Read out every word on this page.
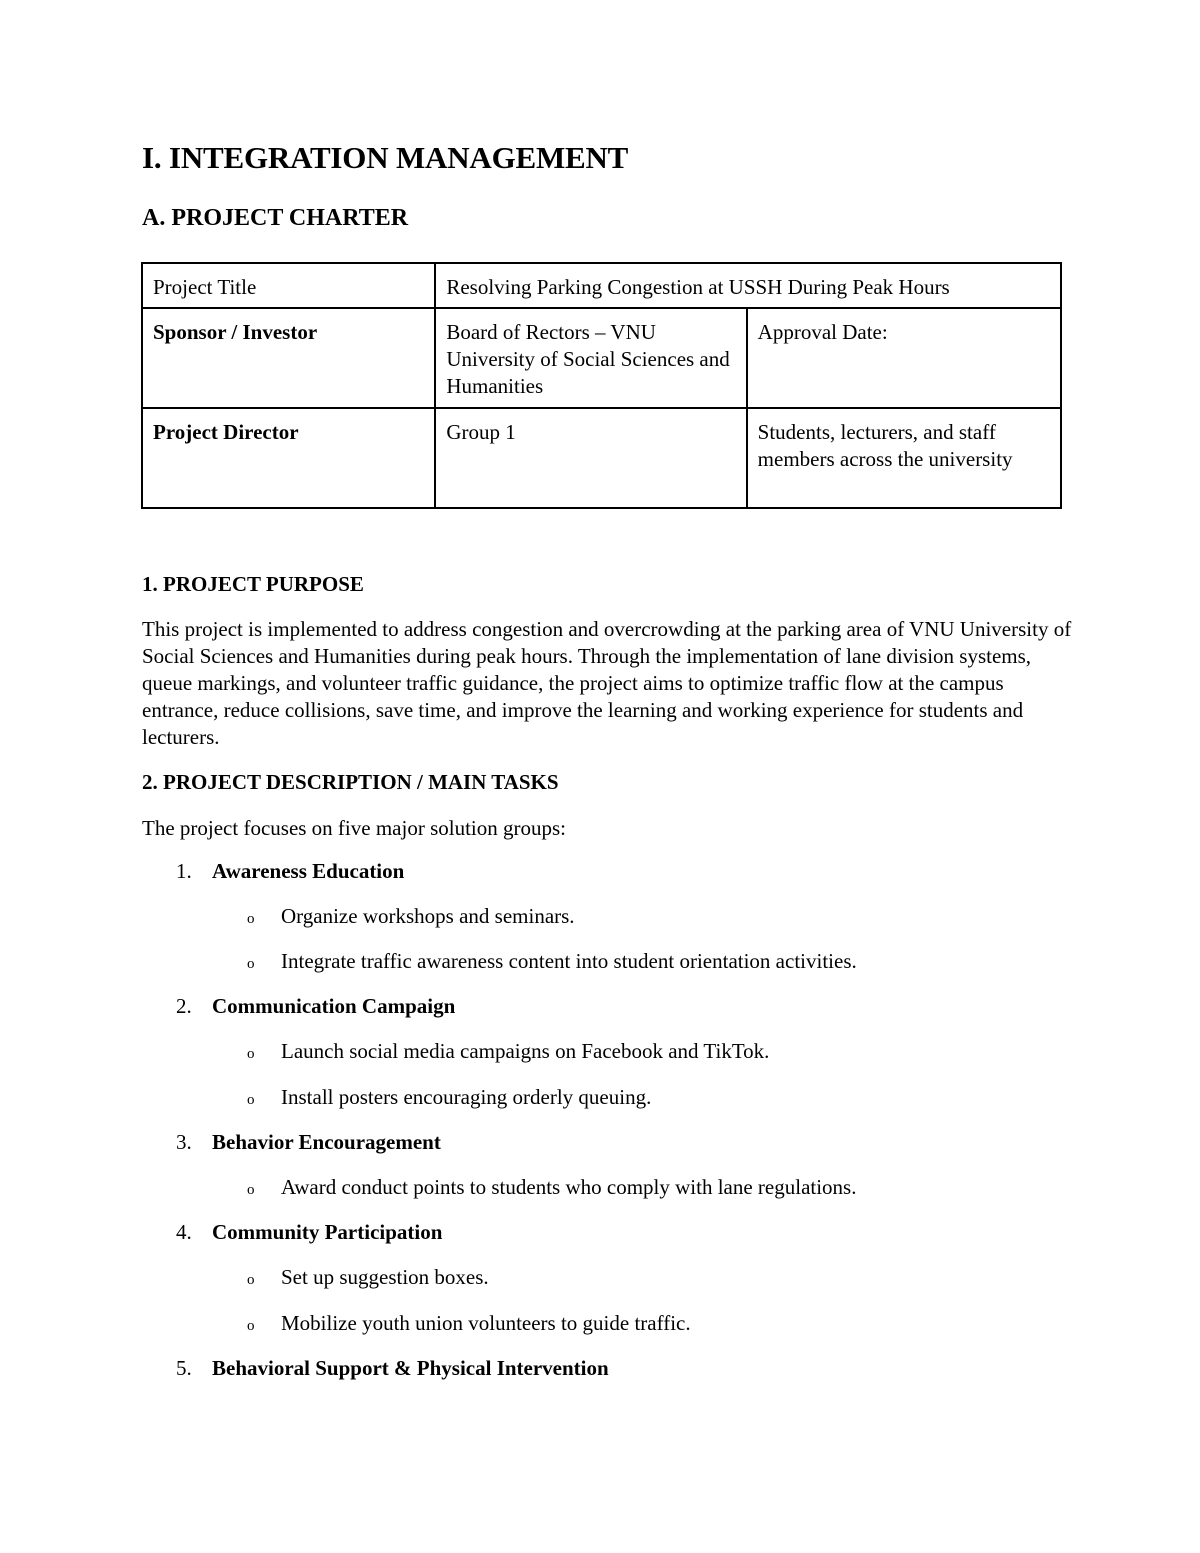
I. INTEGRATION MANAGEMENT
A. PROJECT CHARTER
Project Title	Resolving Parking Congestion at USSH During Peak Hours	
Sponsor / Investor	Board of Rectors – VNU University of Social Sciences and Humanities	Approval Date:
Project Director	Group 1	Students, lecturers, and staff members across the university

1. PROJECT PURPOSE

This project is implemented to address congestion and overcrowding at the parking area of VNU University of Social Sciences and Humanities during peak hours. Through the implementation of lane division systems, queue markings, and volunteer traffic guidance, the project aims to optimize traffic flow at the campus entrance, reduce collisions, save time, and improve the learning and working experience for students and lecturers.

2. PROJECT DESCRIPTION / MAIN TASKS

The project focuses on five major solution groups:

1. Awareness Education

o Organize workshops and seminars.

o Integrate traffic awareness content into student orientation activities.

2. Communication Campaign

o Launch social media campaigns on Facebook and TikTok.

o Install posters encouraging orderly queuing.

3. Behavior Encouragement

o Award conduct points to students who comply with lane regulations.

4. Community Participation

o Set up suggestion boxes.

o Mobilize youth union volunteers to guide traffic.

5. Behavioral Support & Physical Intervention
